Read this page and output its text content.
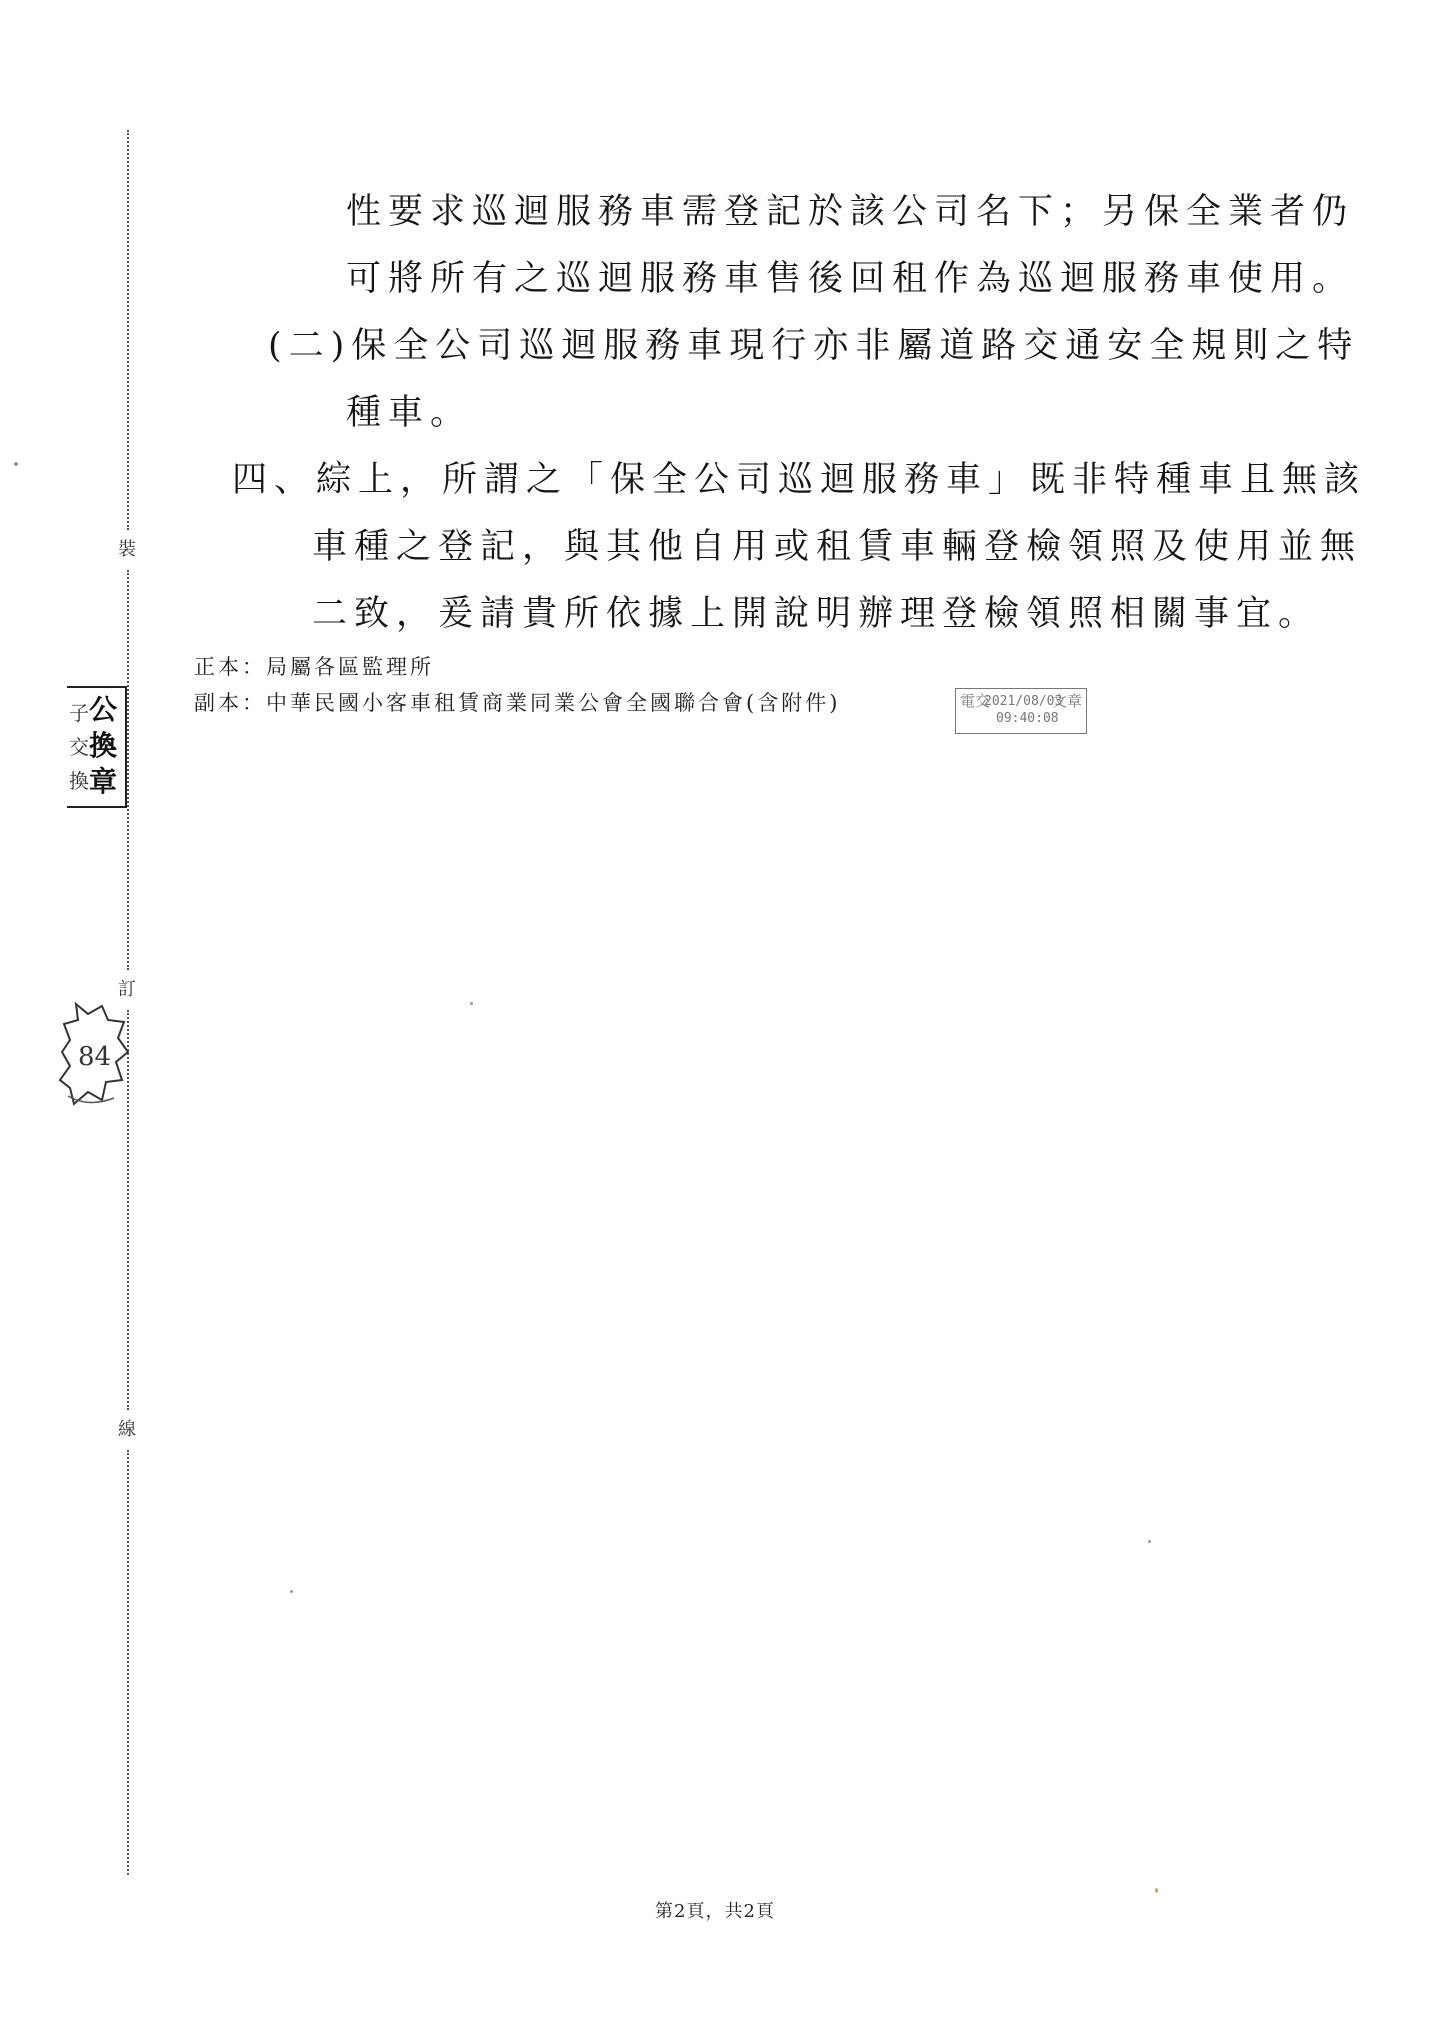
裝
訂
線
子交換
公換章
84
性要求巡迴服務車需登記於該公司名下；另保全業者仍
可將所有之巡迴服務車售後回租作為巡迴服務車使用。
(二)保全公司巡迴服務車現行亦非屬道路交通安全規則之特
種車。
四、綜上，所謂之「保全公司巡迴服務車」既非特種車且無該
車種之登記，與其他自用或租賃車輛登檢領照及使用並無
二致，爰請貴所依據上開說明辦理登檢領照相關事宜。
正本：局屬各區監理所
副本：中華民國小客車租賃商業同業公會全國聯合會(含附件)	電交
2021/08/03
09:40:08
文章
第2頁，共2頁
